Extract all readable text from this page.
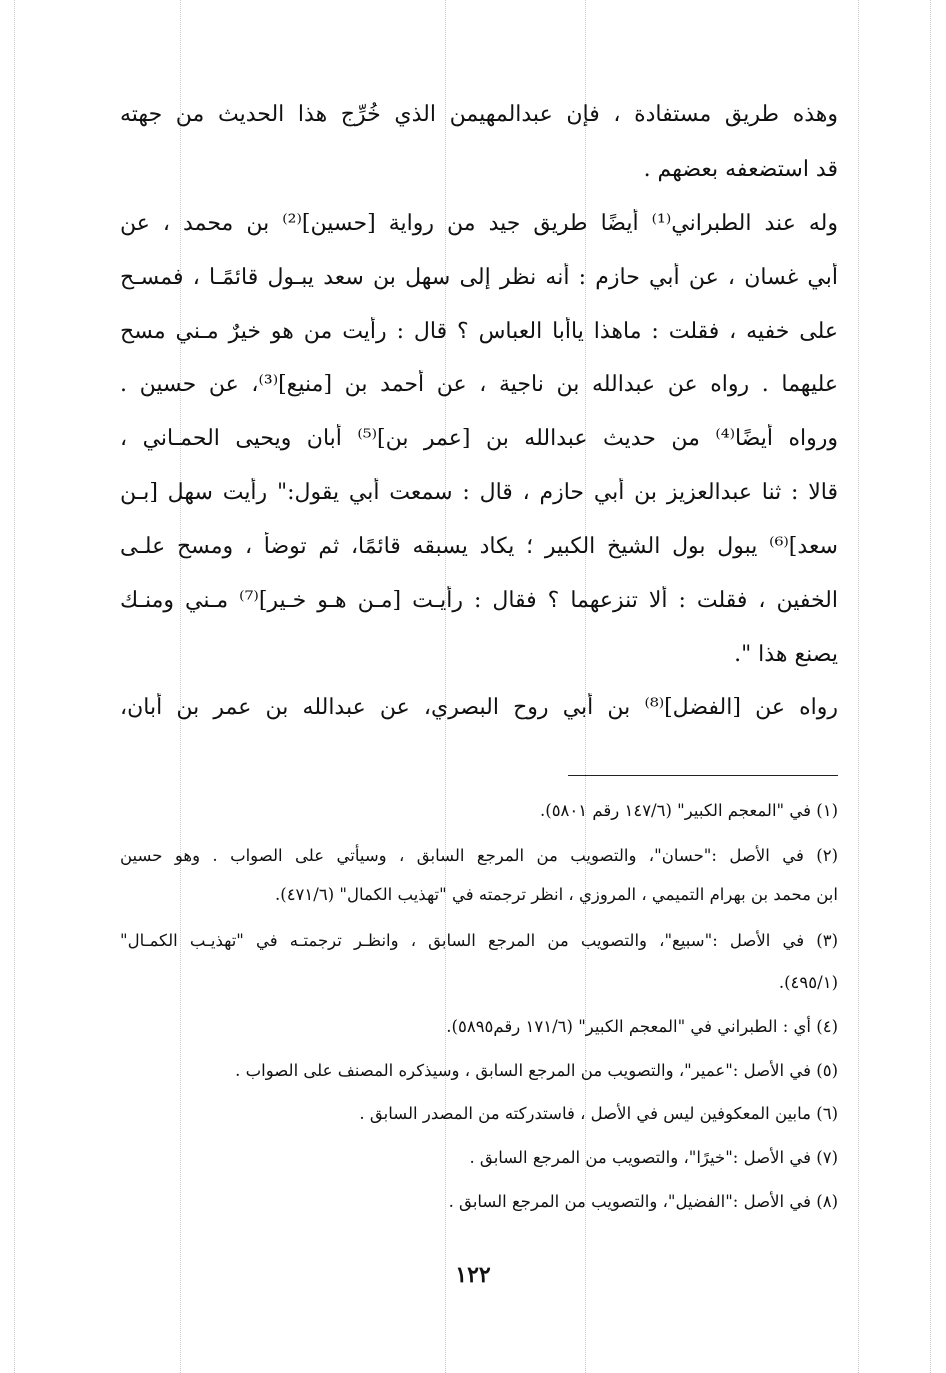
وهذه طريق مستفادة ، فإن عبدالمهيمن الذي خُرِّج هذا الحديث من جهته
قد استضعفه بعضهم .
وله عند الطبراني⁽¹⁾ أيضًا طريق جيد من رواية [حسين]⁽²⁾ بن محمد ، عن
أبي غسان ، عن أبي حازم : أنه نظر إلى سهل بن سعد يبـول قائمًـا ، فمسـح
على خفيه ، فقلت : ماهذا ياأبا العباس ؟ قال : رأيت من هو خيرٌ مـني مسح
عليهما . رواه عن عبدالله بن ناجية ، عن أحمد بن [منيع]⁽³⁾، عن حسين .
ورواه أيضًا⁽⁴⁾ من حديث عبدالله بن [عمر بن]⁽⁵⁾ أبان ويحيى الحمـاني ،
قالا : ثنا عبدالعزيز بن أبي حازم ، قال : سمعت أبي يقول:" رأيت سهل [بـن
سعد]⁽⁶⁾ يبول بول الشيخ الكبير ؛ يكاد يسبقه قائمًا، ثم توضأ ، ومسح علـى
الخفين ، فقلت : ألا تنزعهما ؟ فقال : رأيـت [مـن هـو خـير]⁽⁷⁾ مـني ومنـك
يصنع هذا ".
رواه عن [الفضل]⁽⁸⁾ بن أبي روح البصري، عن عبدالله بن عمر بن أبان،
(١) في "المعجم الكبير" (١٤٧/٦ رقم ٥٨٠١).
(٢) في الأصل :"حسان"، والتصويب من المرجع السابق ، وسيأتي على الصواب . وهو حسين
ابن محمد بن بهرام التميمي ، المروزي ، انظر ترجمته في "تهذيب الكمال" (٤٧١/٦).
(٣) في الأصل :"سبيع"، والتصويب من المرجع السابق ، وانظـر ترجمتـه في "تهذيـب الكمـال"
(٤٩٥/١).
(٤) أي : الطبراني في "المعجم الكبير" (١٧١/٦ رقم٥٨٩٥).
(٥) في الأصل :"عمير"، والتصويب من المرجع السابق ، وسيذكره المصنف على الصواب .
(٦) مابين المعكوفين ليس في الأصل ، فاستدركته من المصدر السابق .
(٧) في الأصل :"خيرًا"، والتصويب من المرجع السابق .
(٨) في الأصل :"الفضيل"، والتصويب من المرجع السابق .
١٢٢
